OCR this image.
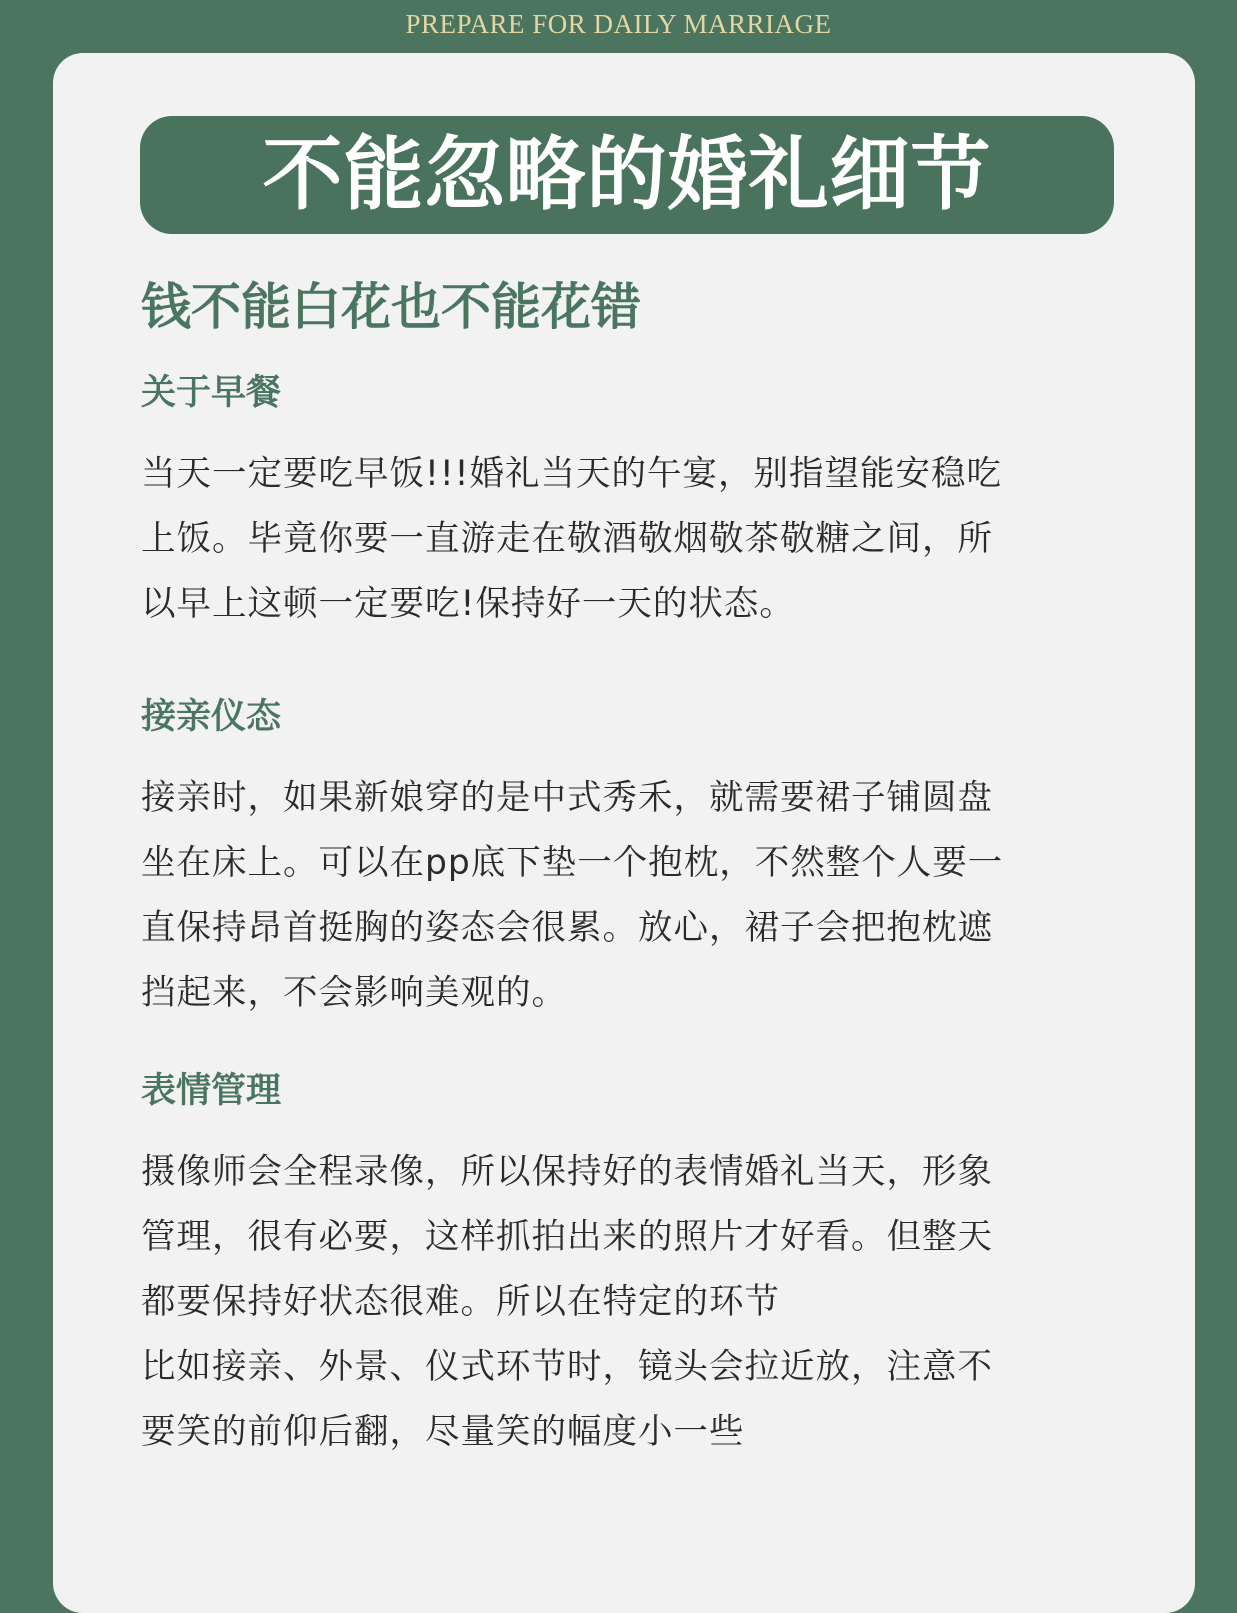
PREPARE FOR DAILY MARRIAGE
不能忽略的婚礼细节
钱不能白花也不能花错
关于早餐
当天一定要吃早饭!!!婚礼当天的午宴，别指望能安稳吃
上饭。毕竟你要一直游走在敬酒敬烟敬茶敬糖之间，所
以早上这顿一定要吃!保持好一天的状态。
接亲仪态
接亲时，如果新娘穿的是中式秀禾，就需要裙子铺圆盘
坐在床上。可以在pp底下垫一个抱枕，不然整个人要一
直保持昂首挺胸的姿态会很累。放心，裙子会把抱枕遮
挡起来，不会影响美观的。
表情管理
摄像师会全程录像，所以保持好的表情婚礼当天，形象
管理，很有必要，这样抓拍出来的照片才好看。但整天
都要保持好状态很难。所以在特定的环节
比如接亲、外景、仪式环节时，镜头会拉近放，注意不
要笑的前仰后翻，尽量笑的幅度小一些
